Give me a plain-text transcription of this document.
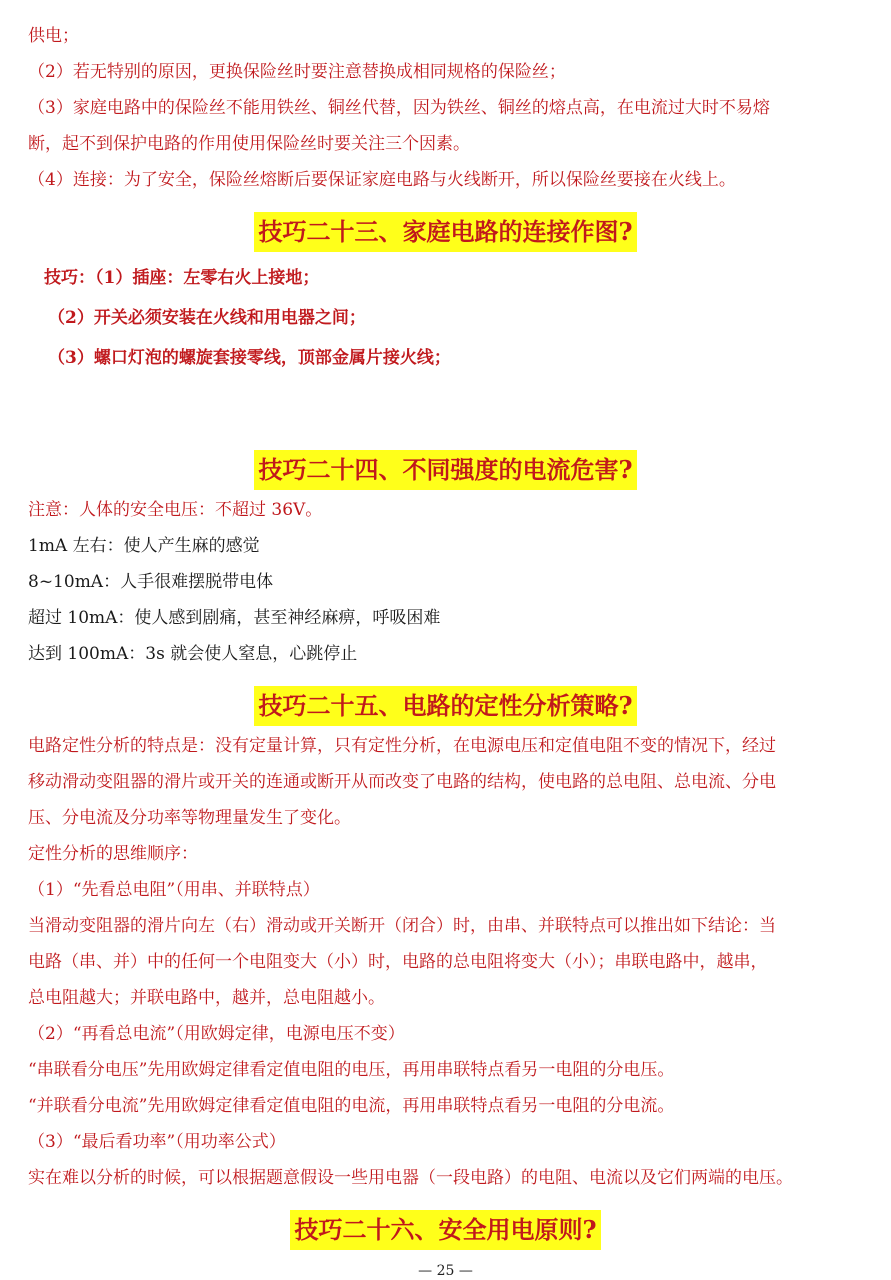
供电；
（2）若无特别的原因，更换保险丝时要注意替换成相同规格的保险丝；
（3）家庭电路中的保险丝不能用铁丝、铜丝代替，因为铁丝、铜丝的熔点高，在电流过大时不易熔
断，起不到保护电路的作用使用保险丝时要关注三个因素。
（4）连接：为了安全，保险丝熔断后要保证家庭电路与火线断开，所以保险丝要接在火线上。
技巧二十三、家庭电路的连接作图?
技巧：（1）插座：左零右火上接地；
（2）开关必须安装在火线和用电器之间；
（3）螺口灯泡的螺旋套接零线，顶部金属片接火线；
技巧二十四、不同强度的电流危害?
注意：人体的安全电压：不超过 36V。
1mA 左右：使人产生麻的感觉
8~10mA：人手很难摆脱带电体
超过 10mA：使人感到剧痛，甚至神经麻痹，呼吸困难
达到 100mA：3s 就会使人窒息，心跳停止
技巧二十五、电路的定性分析策略?
电路定性分析的特点是：没有定量计算，只有定性分析，在电源电压和定值电阻不变的情况下，经过
移动滑动变阻器的滑片或开关的连通或断开从而改变了电路的结构，使电路的总电阻、总电流、分电
压、分电流及分功率等物理量发生了变化。
定性分析的思维顺序：
（1）“先看总电阻”（用串、并联特点）
当滑动变阻器的滑片向左（右）滑动或开关断开（闭合）时，由串、并联特点可以推出如下结论：当
电路（串、并）中的任何一个电阻变大（小）时，电路的总电阻将变大（小）；串联电路中，越串，
总电阻越大；并联电路中，越并，总电阻越小。
（2）“再看总电流”（用欧姆定律，电源电压不变）
“串联看分电压”先用欧姆定律看定值电阻的电压，再用串联特点看另一电阻的分电压。
“并联看分电流”先用欧姆定律看定值电阻的电流，再用串联特点看另一电阻的分电流。
（3）“最后看功率”（用功率公式）
实在难以分析的时候，可以根据题意假设一些用电器（一段电路）的电阻、电流以及它们两端的电压。
技巧二十六、安全用电原则?
— 25 —
